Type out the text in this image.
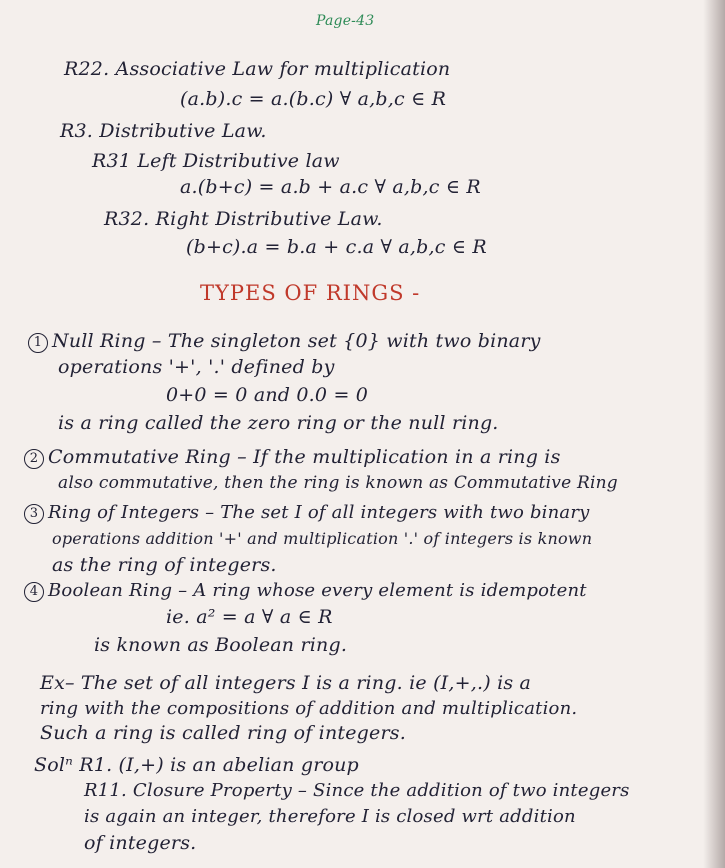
Page-43
R22. Associative Law for multiplication
(a.b).c = a.(b.c) ∀ a,b,c ∈ R
R3. Distributive Law.
R31 Left Distributive law
a.(b+c) = a.b + a.c ∀ a,b,c ∈ R
R32. Right Distributive Law.
(b+c).a = b.a + c.a ∀ a,b,c ∈ R
TYPES OF RINGS -
1 Null Ring – The singleton set {0} with two binary
operations '+', '.' defined by
0+0 = 0 and 0.0 = 0
is a ring called the zero ring or the null ring.
2 Commutative Ring – If the multiplication in a ring is
also commutative, then the ring is known as Commutative Ring
3 Ring of Integers – The set I of all integers with two binary
operations addition '+' and multiplication '.' of integers is known
as the ring of integers.
4 Boolean Ring – A ring whose every element is idempotent
ie. a² = a ∀ a ∈ R
is known as Boolean ring.
Ex– The set of all integers I is a ring. ie (I,+,.) is a
ring with the compositions of addition and multiplication.
Such a ring is called ring of integers.
Solⁿ R1. (I,+) is an abelian group
R11. Closure Property – Since the addition of two integers
is again an integer, therefore I is closed wrt addition
of integers.
